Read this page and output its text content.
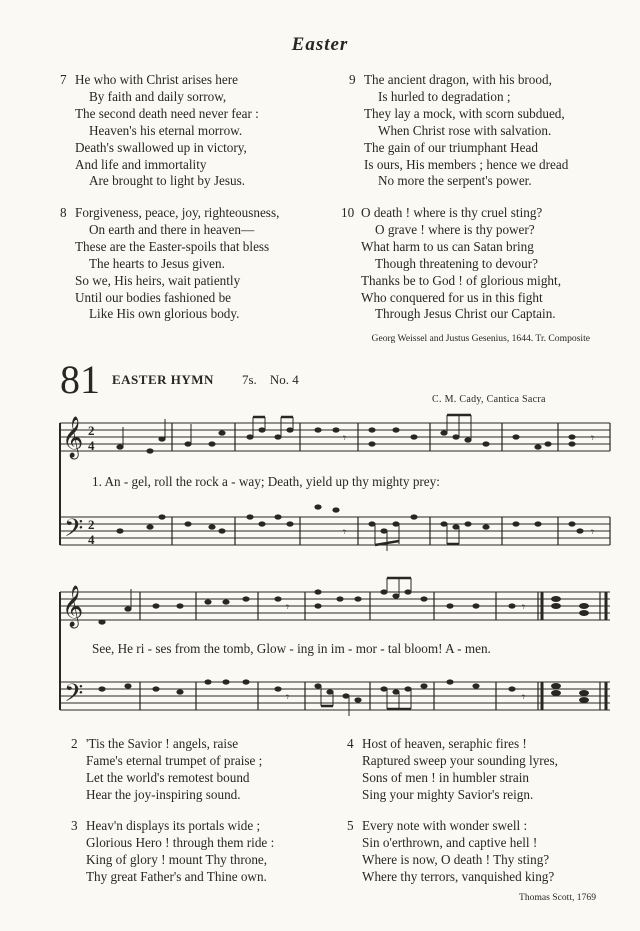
Easter
7 He who with Christ arises here
By faith and daily sorrow,
The second death need never fear :
Heaven's his eternal morrow.
Death's swallowed up in victory,
And life and immortality
Are brought to light by Jesus.
9 The ancient dragon, with his brood,
Is hurled to degradation ;
They lay a mock, with scorn subdued,
When Christ rose with salvation.
The gain of our triumphant Head
Is ours, His members ; hence we dread
No more the serpent's power.
8 Forgiveness, peace, joy, righteousness,
On earth and there in heaven—
These are the Easter-spoils that bless
The hearts to Jesus given.
So we, His heirs, wait patiently
Until our bodies fashioned be
Like His own glorious body.
10 O death ! where is thy cruel sting?
O grave ! where is thy power?
What harm to us can Satan bring
Though threatening to devour?
Thanks be to God ! of glorious might,
Who conquered for us in this fight
Through Jesus Christ our Captain.
Georg Weissel and Justus Gesenius, 1644. Tr. Composite
81 EASTER HYMN 7s. No. 4
C. M. Cady, Cantica Sacra
𝄞
𝄢
2
4
2
4
𝄾
𝄾
𝄾
𝄾
1. An - gel, roll the rock a - way; Death, yield up thy mighty prey:
𝄞
𝄢
𝄾
𝄾
𝄾
𝄾
See, He ri - ses from the tomb, Glow - ing in im - mor - tal bloom! A - men.
2 'Tis the Savior ! angels, raise
Fame's eternal trumpet of praise ;
Let the world's remotest bound
Hear the joy-inspiring sound.
4 Host of heaven, seraphic fires !
Raptured sweep your sounding lyres,
Sons of men ! in humbler strain
Sing your mighty Savior's reign.
3 Heav'n displays its portals wide ;
Glorious Hero ! through them ride :
King of glory ! mount Thy throne,
Thy great Father's and Thine own.
5 Every note with wonder swell :
Sin o'erthrown, and captive hell !
Where is now, O death ! Thy sting?
Where thy terrors, vanquished king?
Thomas Scott, 1769
